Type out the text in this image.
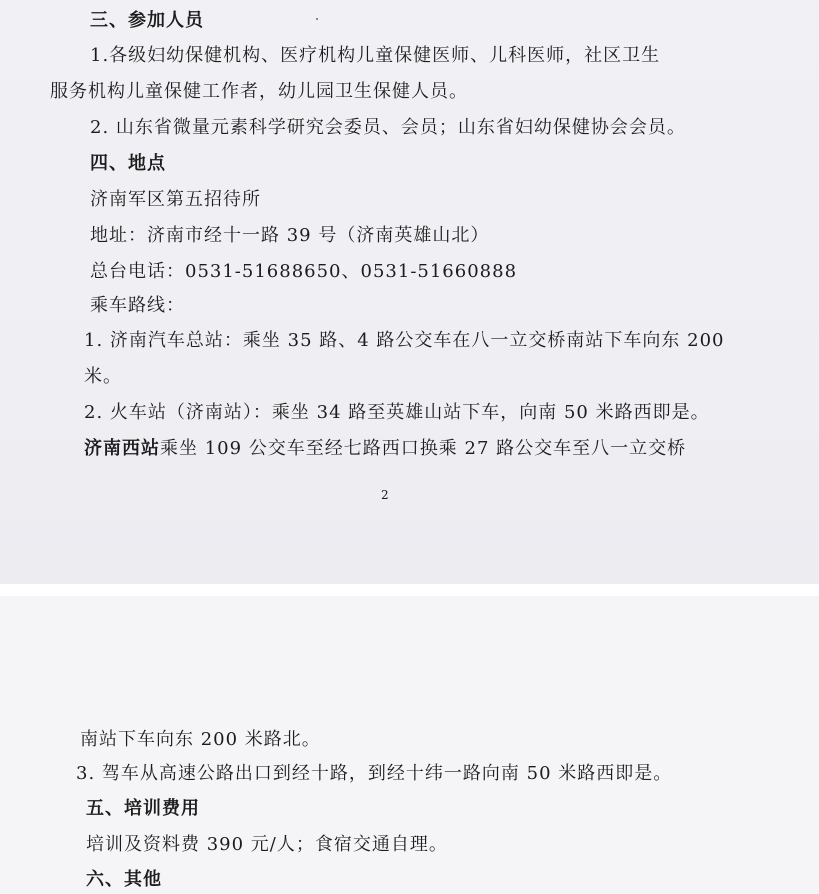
三、参加人员
1.各级妇幼保健机构、医疗机构儿童保健医师、儿科医师，社区卫生
服务机构儿童保健工作者，幼儿园卫生保健人员。
2. 山东省微量元素科学研究会委员、会员；山东省妇幼保健协会会员。
四、地点
济南军区第五招待所
地址：济南市经十一路 39 号（济南英雄山北）
总台电话：0531-51688650、0531-51660888
乘车路线：
1. 济南汽车总站：乘坐 35 路、4 路公交车在八一立交桥南站下车向东 200
米。
2. 火车站（济南站）：乘坐 34 路至英雄山站下车，向南 50 米路西即是。
济南西站乘坐 109 公交车至经七路西口换乘 27 路公交车至八一立交桥
2
南站下车向东 200 米路北。
3. 驾车从高速公路出口到经十路，到经十纬一路向南 50 米路西即是。
五、培训费用
培训及资料费 390 元/人；食宿交通自理。
六、其他
